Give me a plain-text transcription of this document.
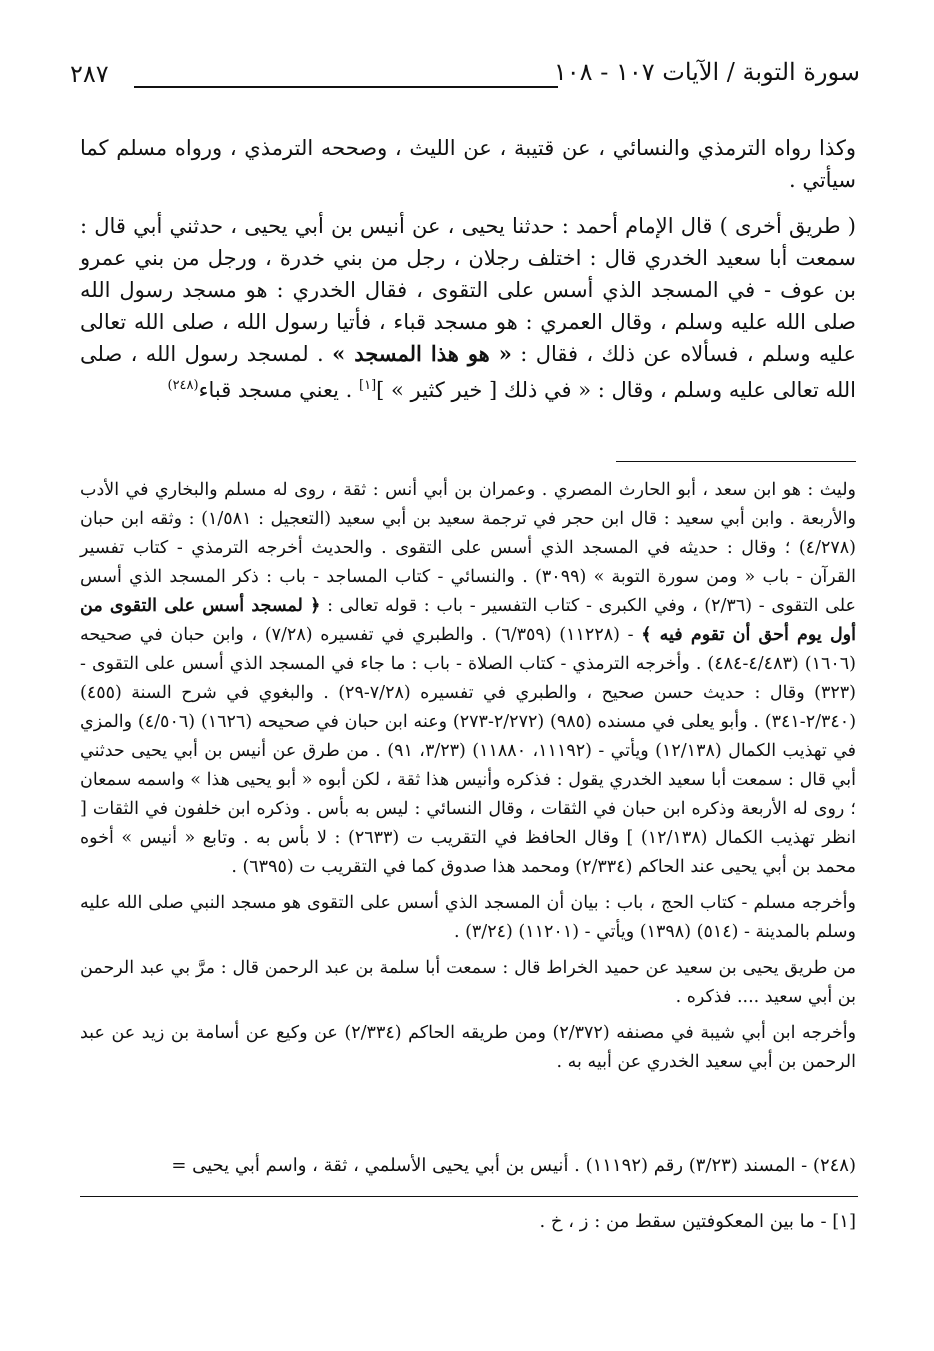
٢٨٧	سورة التوبة / الآيات ١٠٧ - ١٠٨

وكذا رواه الترمذي والنسائي ، عن قتيبة ، عن الليث ، وصححه الترمذي ، ورواه مسلم كما سيأتي .

( طريق أخرى ) قال الإمام أحمد : حدثنا يحيى ، عن أنيس بن أبي يحيى ، حدثني أبي قال : سمعت أبا سعيد الخدري قال : اختلف رجلان ، رجل من بني خدرة ، ورجل من بني عمرو بن عوف - في المسجد الذي أسس على التقوى ، فقال الخدري : هو مسجد رسول الله صلى الله عليه وسلم ، وقال العمري : هو مسجد قباء ، فأتيا رسول الله ، صلى الله تعالى عليه وسلم ، فسألاه عن ذلك ، فقال : « هو هذا المسجد » . لمسجد رسول الله ، صلى الله تعالى عليه وسلم ، وقال : « في ذلك [ خير كثير » ][١] . يعني مسجد قباء$^{(٢٤٨)}$

وليث : هو ابن سعد ، أبو الحارث المصري . وعمران بن أبي أنس : ثقة ، روى له مسلم والبخاري في الأدب والأربعة . وابن أبي سعيد : قال ابن حجر في ترجمة سعيد بن أبي سعيد (التعجيل : ١/٥٨١) : وثقه ابن حبان (٤/٢٧٨) ؛ وقال : حديثه في المسجد الذي أسس على التقوى . والحديث أخرجه الترمذي - كتاب تفسير القرآن - باب « ومن سورة التوبة » (٣٠٩٩) . والنسائي - كتاب المساجد - باب : ذكر المسجد الذي أسس على التقوى - (٢/٣٦) ، وفي الكبرى - كتاب التفسير - باب : قوله تعالى : ﴿ لمسجد أسس على التقوى من أول يوم أحق أن تقوم فيه ﴾ - (١١٢٢٨) (٦/٣٥٩) . والطبري في تفسيره (٧/٢٨) ، وابن حبان في صحيحه (١٦٠٦) (٤/٤٨٣-٤٨٤) . وأخرجه الترمذي - كتاب الصلاة - باب : ما جاء في المسجد الذي أسس على التقوى - (٣٢٣) وقال : حديث حسن صحيح ، والطبري في تفسيره (٧/٢٨-٢٩) . والبغوي في شرح السنة (٤٥٥) (٢/٣٤٠-٣٤١) . وأبو يعلى في مسنده (٩٨٥) (٢/٢٧٢-٢٧٣) وعنه ابن حبان في صحيحه (١٦٢٦) (٤/٥٠٦) والمزي في تهذيب الكمال (١٢/١٣٨) ويأتي - (١١١٩٢، ١١٨٨٠) (٣/٢٣، ٩١) . من طرق عن أنيس بن أبي يحيى حدثني أبي قال : سمعت أبا سعيد الخدري يقول : فذكره وأنيس هذا ثقة ، لكن أبوه « أبو يحيى هذا » واسمه سمعان ؛ روى له الأربعة وذكره ابن حبان في الثقات ، وقال النسائي : ليس به بأس . وذكره ابن خلفون في الثقات [ انظر تهذيب الكمال (١٢/١٣٨) ] وقال الحافظ في التقريب ت (٢٦٣٣) : لا بأس به . وتابع « أنيس » أخوه محمد بن أبي يحيى عند الحاكم (٢/٣٣٤) ومحمد هذا صدوق كما في التقريب ت (٦٣٩٥) .

وأخرجه مسلم - كتاب الحج ، باب : بيان أن المسجد الذي أسس على التقوى هو مسجد النبي صلى الله عليه وسلم بالمدينة - (٥١٤) (١٣٩٨) ويأتي - (١١٢٠١) (٣/٢٤) .

من طريق يحيى بن سعيد عن حميد الخراط قال : سمعت أبا سلمة بن عبد الرحمن قال : مرَّ بي عبد الرحمن بن أبي سعيد .... فذكره .

وأخرجه ابن أبي شيبة في مصنفه (٢/٣٧٢) ومن طريقه الحاكم (٢/٣٣٤) عن وكيع عن أسامة بن زيد عن عبد الرحمن بن أبي سعيد الخدري عن أبيه به .

(٢٤٨) - المسند (٣/٢٣) رقم (١١١٩٢) . أنيس بن أبي يحيى الأسلمي ، ثقة ، واسم أبي يحيى =
[١] - ما بين المعكوفتين سقط من : ز ، خ .
